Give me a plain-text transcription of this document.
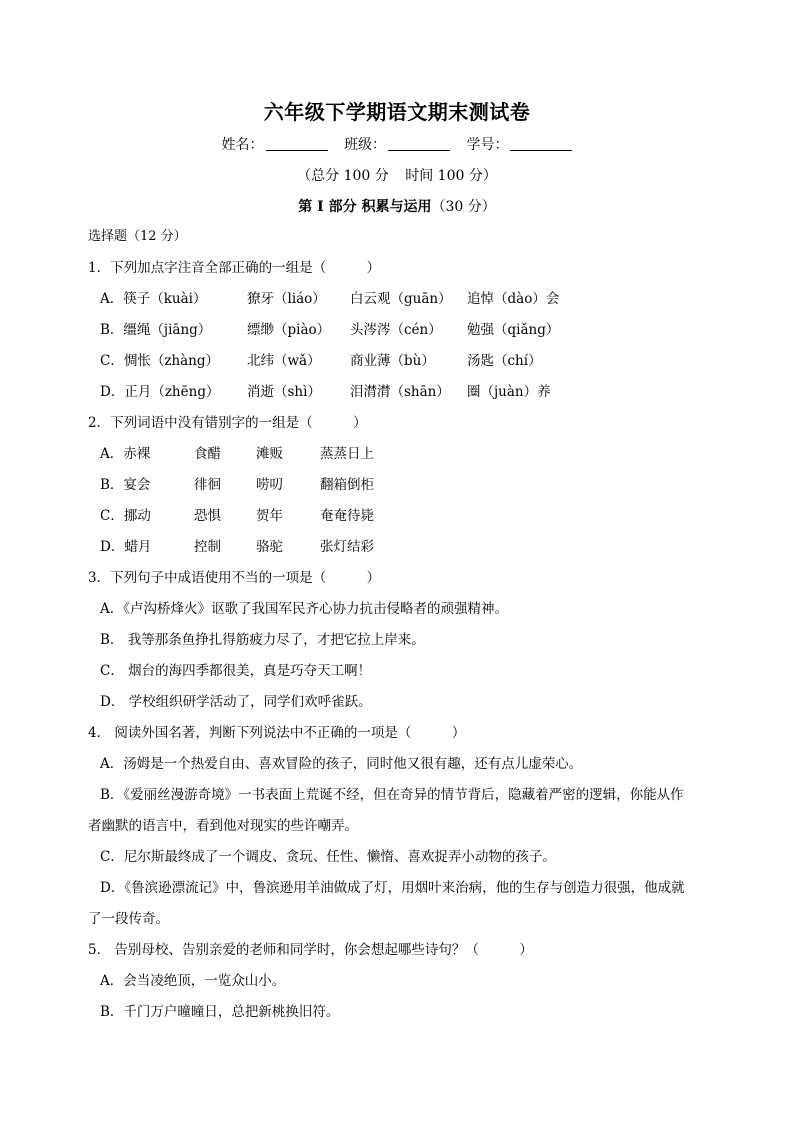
六年级下学期语文期末测试卷
姓名：	班级：	学号：
（总分 100 分 时间 100 分）
第 Ⅰ 部分 积累与运用（30 分）
选择题（12 分）
1．下列加点字注音全部正确的一组是（　　　）
A．筷子（kuài）	獠牙（liáo）	白云观（guān）	追悼（dào）会
B．缰绳（jiāng）	缥缈（piào）	头涔涔（cén）	勉强（qiǎng）
C．惆怅（zhàng）	北纬（wǎ）	商业薄（bù）	汤匙（chí）
D．正月（zhēng）	消逝（shì）	泪潸潸（shān）	圈（juàn）养
2．下列词语中没有错别字的一组是（　　　）
A．赤裸	食醋	滩贩	蒸蒸日上
B．宴会	徘徊	唠叨	翻箱倒柜
C．挪动	恐惧	贺年	奄奄待毙
D．蜡月	控制	骆驼	张灯结彩
3．下列句子中成语使用不当的一项是（　　　）
A．《卢沟桥烽火》讴歌了我国军民齐心协力抗击侵略者的顽强精神。
B． 我等那条鱼挣扎得筋疲力尽了，才把它拉上岸来。
C． 烟台的海四季都很美，真是巧夺天工啊！
D． 学校组织研学活动了，同学们欢呼雀跃。
4． 阅读外国名著，判断下列说法中不正确的一项是（　　　）
A．汤姆是一个热爱自由、喜欢冒险的孩子，同时他又很有趣，还有点儿虚荣心。
B．《爱丽丝漫游奇境》一书表面上荒诞不经，但在奇异的情节背后，隐藏着严密的逻辑，你能从作
者幽默的语言中，看到他对现实的些许嘲弄。
C．尼尔斯最终成了一个调皮、贪玩、任性、懒惰、喜欢捉弄小动物的孩子。
D．《鲁滨逊漂流记》中，鲁滨逊用羊油做成了灯，用烟叶来治病，他的生存与创造力很强，他成就
了一段传奇。
5． 告别母校、告别亲爱的老师和同学时，你会想起哪些诗句？（　　　）
A．会当凌绝顶，一览众山小。
B．千门万户曈曈日，总把新桃换旧符。
